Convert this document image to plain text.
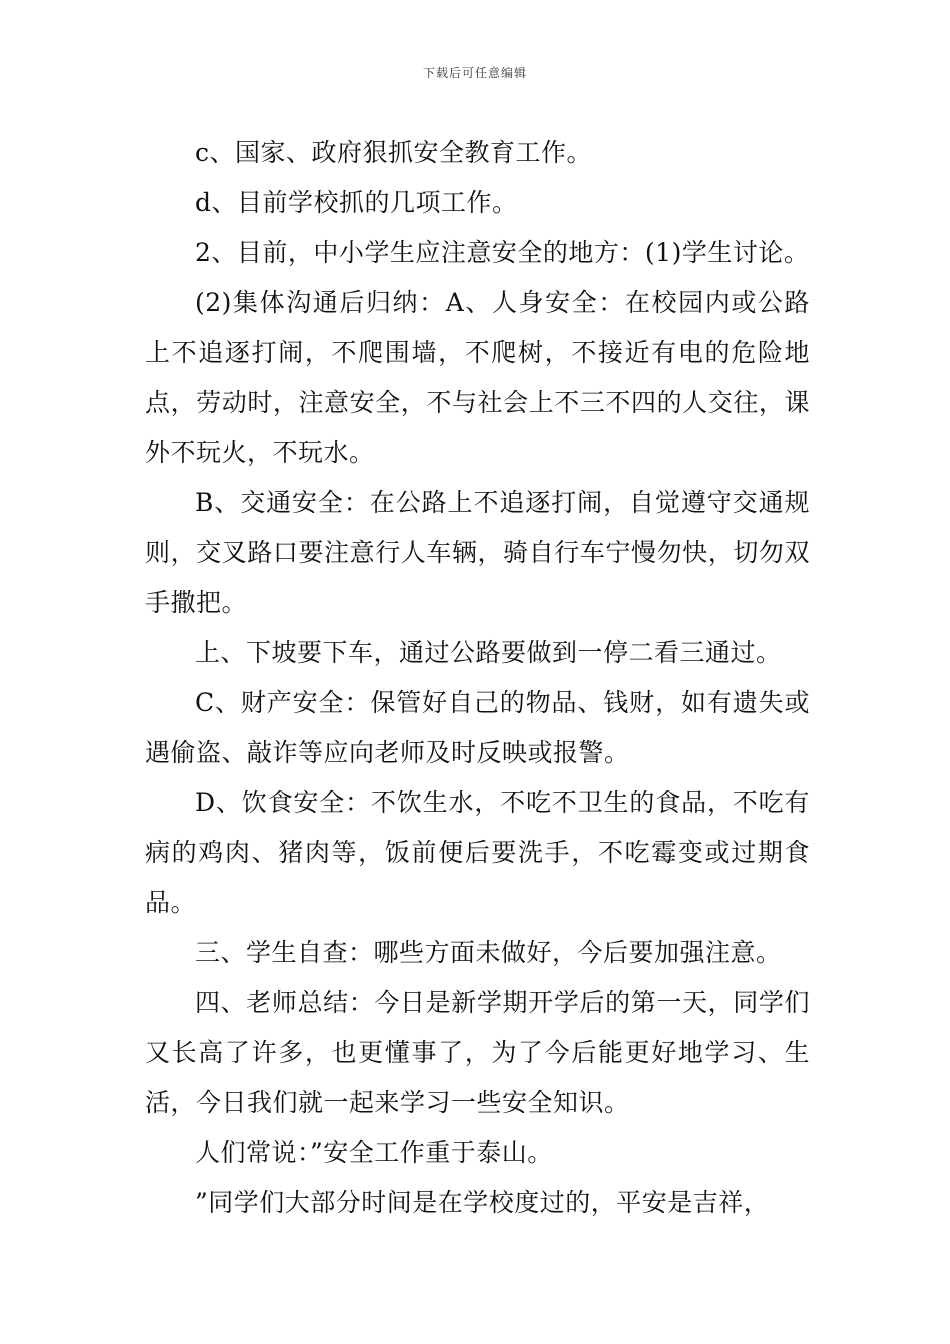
下载后可任意编辑

c、国家、政府狠抓安全教育工作。

d、目前学校抓的几项工作。

2、目前，中小学生应注意安全的地方：(1)学生讨论。

(2)集体沟通后归纳：A、人身安全：在校园内或公路上不追逐打闹，不爬围墙，不爬树，不接近有电的危险地点，劳动时，注意安全，不与社会上不三不四的人交往，课外不玩火，不玩水。

B、交通安全：在公路上不追逐打闹，自觉遵守交通规则，交叉路口要注意行人车辆，骑自行车宁慢勿快，切勿双手撒把。

上、下坡要下车，通过公路要做到一停二看三通过。

C、财产安全：保管好自己的物品、钱财，如有遗失或遇偷盗、敲诈等应向老师及时反映或报警。

D、饮食安全：不饮生水，不吃不卫生的食品，不吃有病的鸡肉、猪肉等，饭前便后要洗手，不吃霉变或过期食品。

三、学生自查：哪些方面未做好，今后要加强注意。

四、老师总结：今日是新学期开学后的第一天，同学们又长高了许多，也更懂事了，为了今后能更好地学习、生活，今日我们就一起来学习一些安全知识。

人们常说：”安全工作重于泰山。

”同学们大部分时间是在学校度过的，平安是吉祥，
